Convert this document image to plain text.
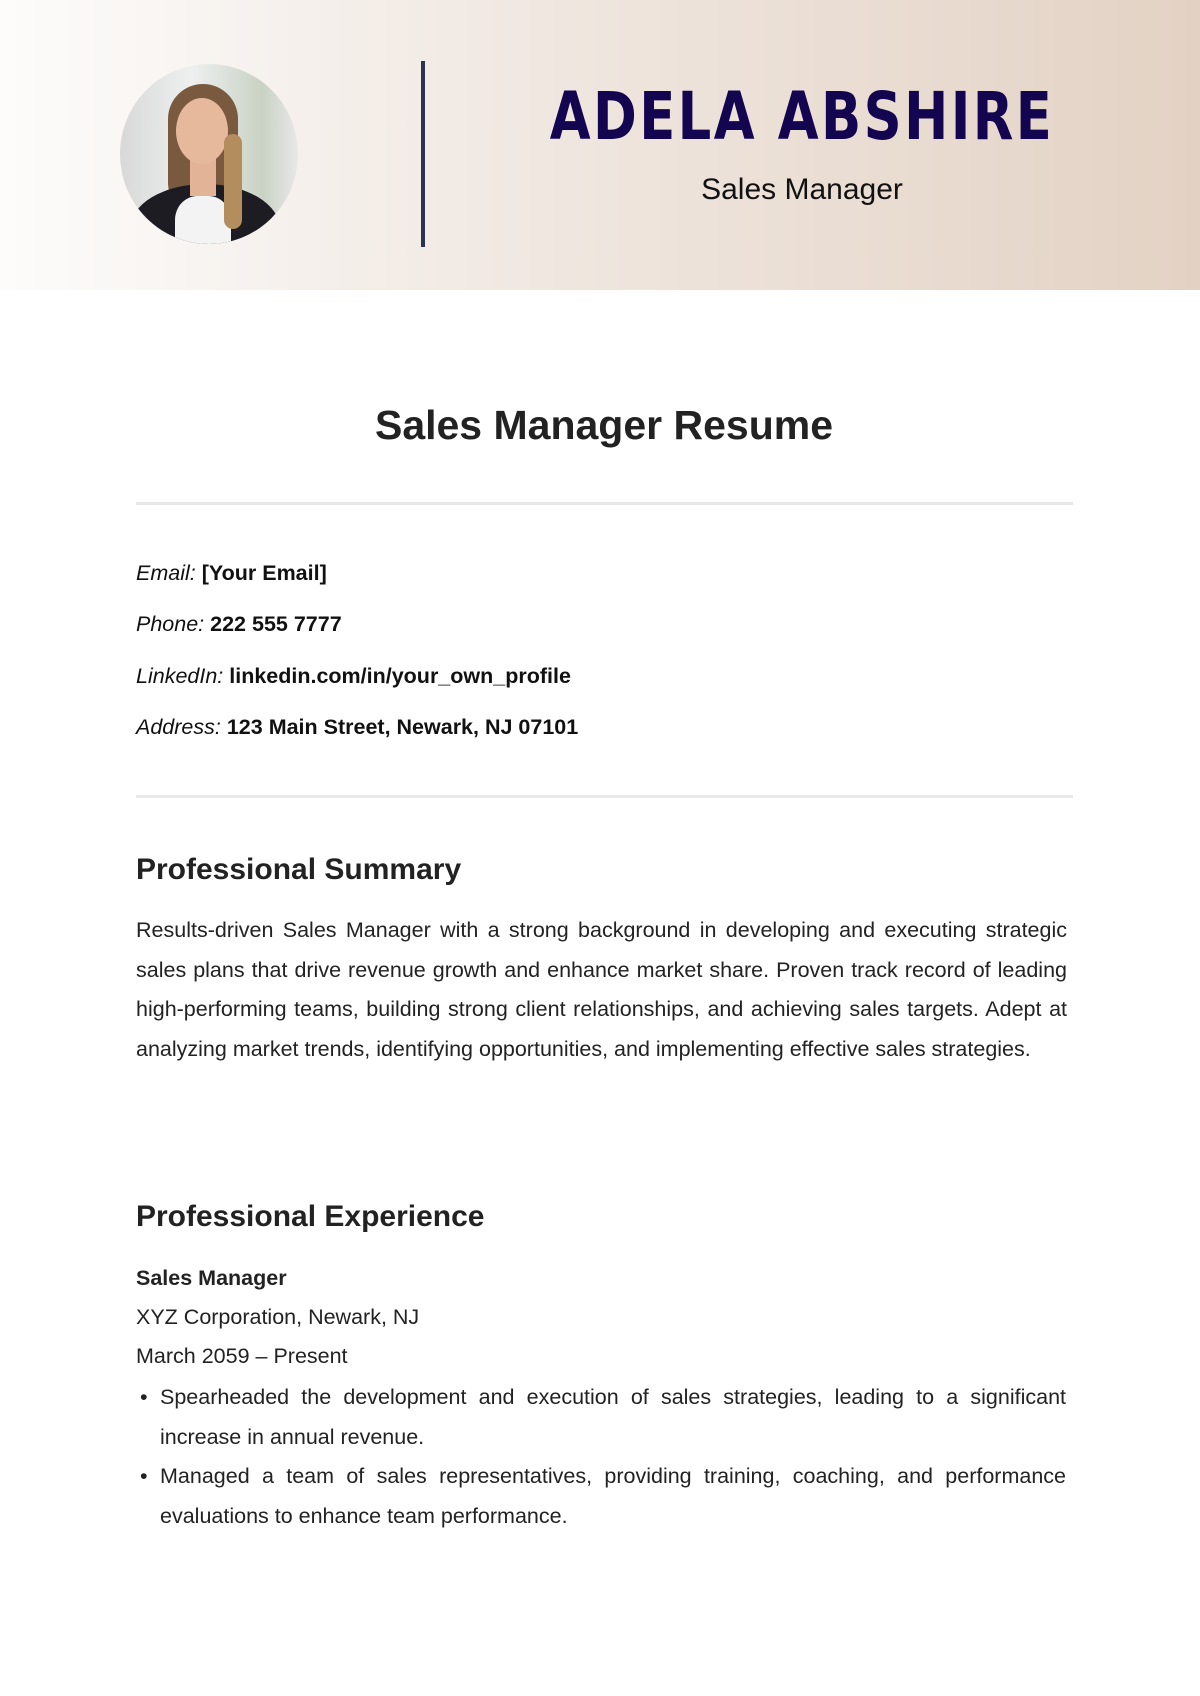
ADELA ABSHIRE
Sales Manager
Sales Manager Resume
Email: [Your Email]
Phone: 222 555 7777
LinkedIn: linkedin.com/in/your_own_profile
Address: 123 Main Street, Newark, NJ 07101
Professional Summary
Results-driven Sales Manager with a strong background in developing and executing strategic sales plans that drive revenue growth and enhance market share. Proven track record of leading high-performing teams, building strong client relationships, and achieving sales targets. Adept at analyzing market trends, identifying opportunities, and implementing effective sales strategies.
Professional Experience
Sales Manager
XYZ Corporation, Newark, NJ
March 2059 – Present
• Spearheaded the development and execution of sales strategies, leading to a significant increase in annual revenue.
• Managed a team of sales representatives, providing training, coaching, and performance evaluations to enhance team performance.
